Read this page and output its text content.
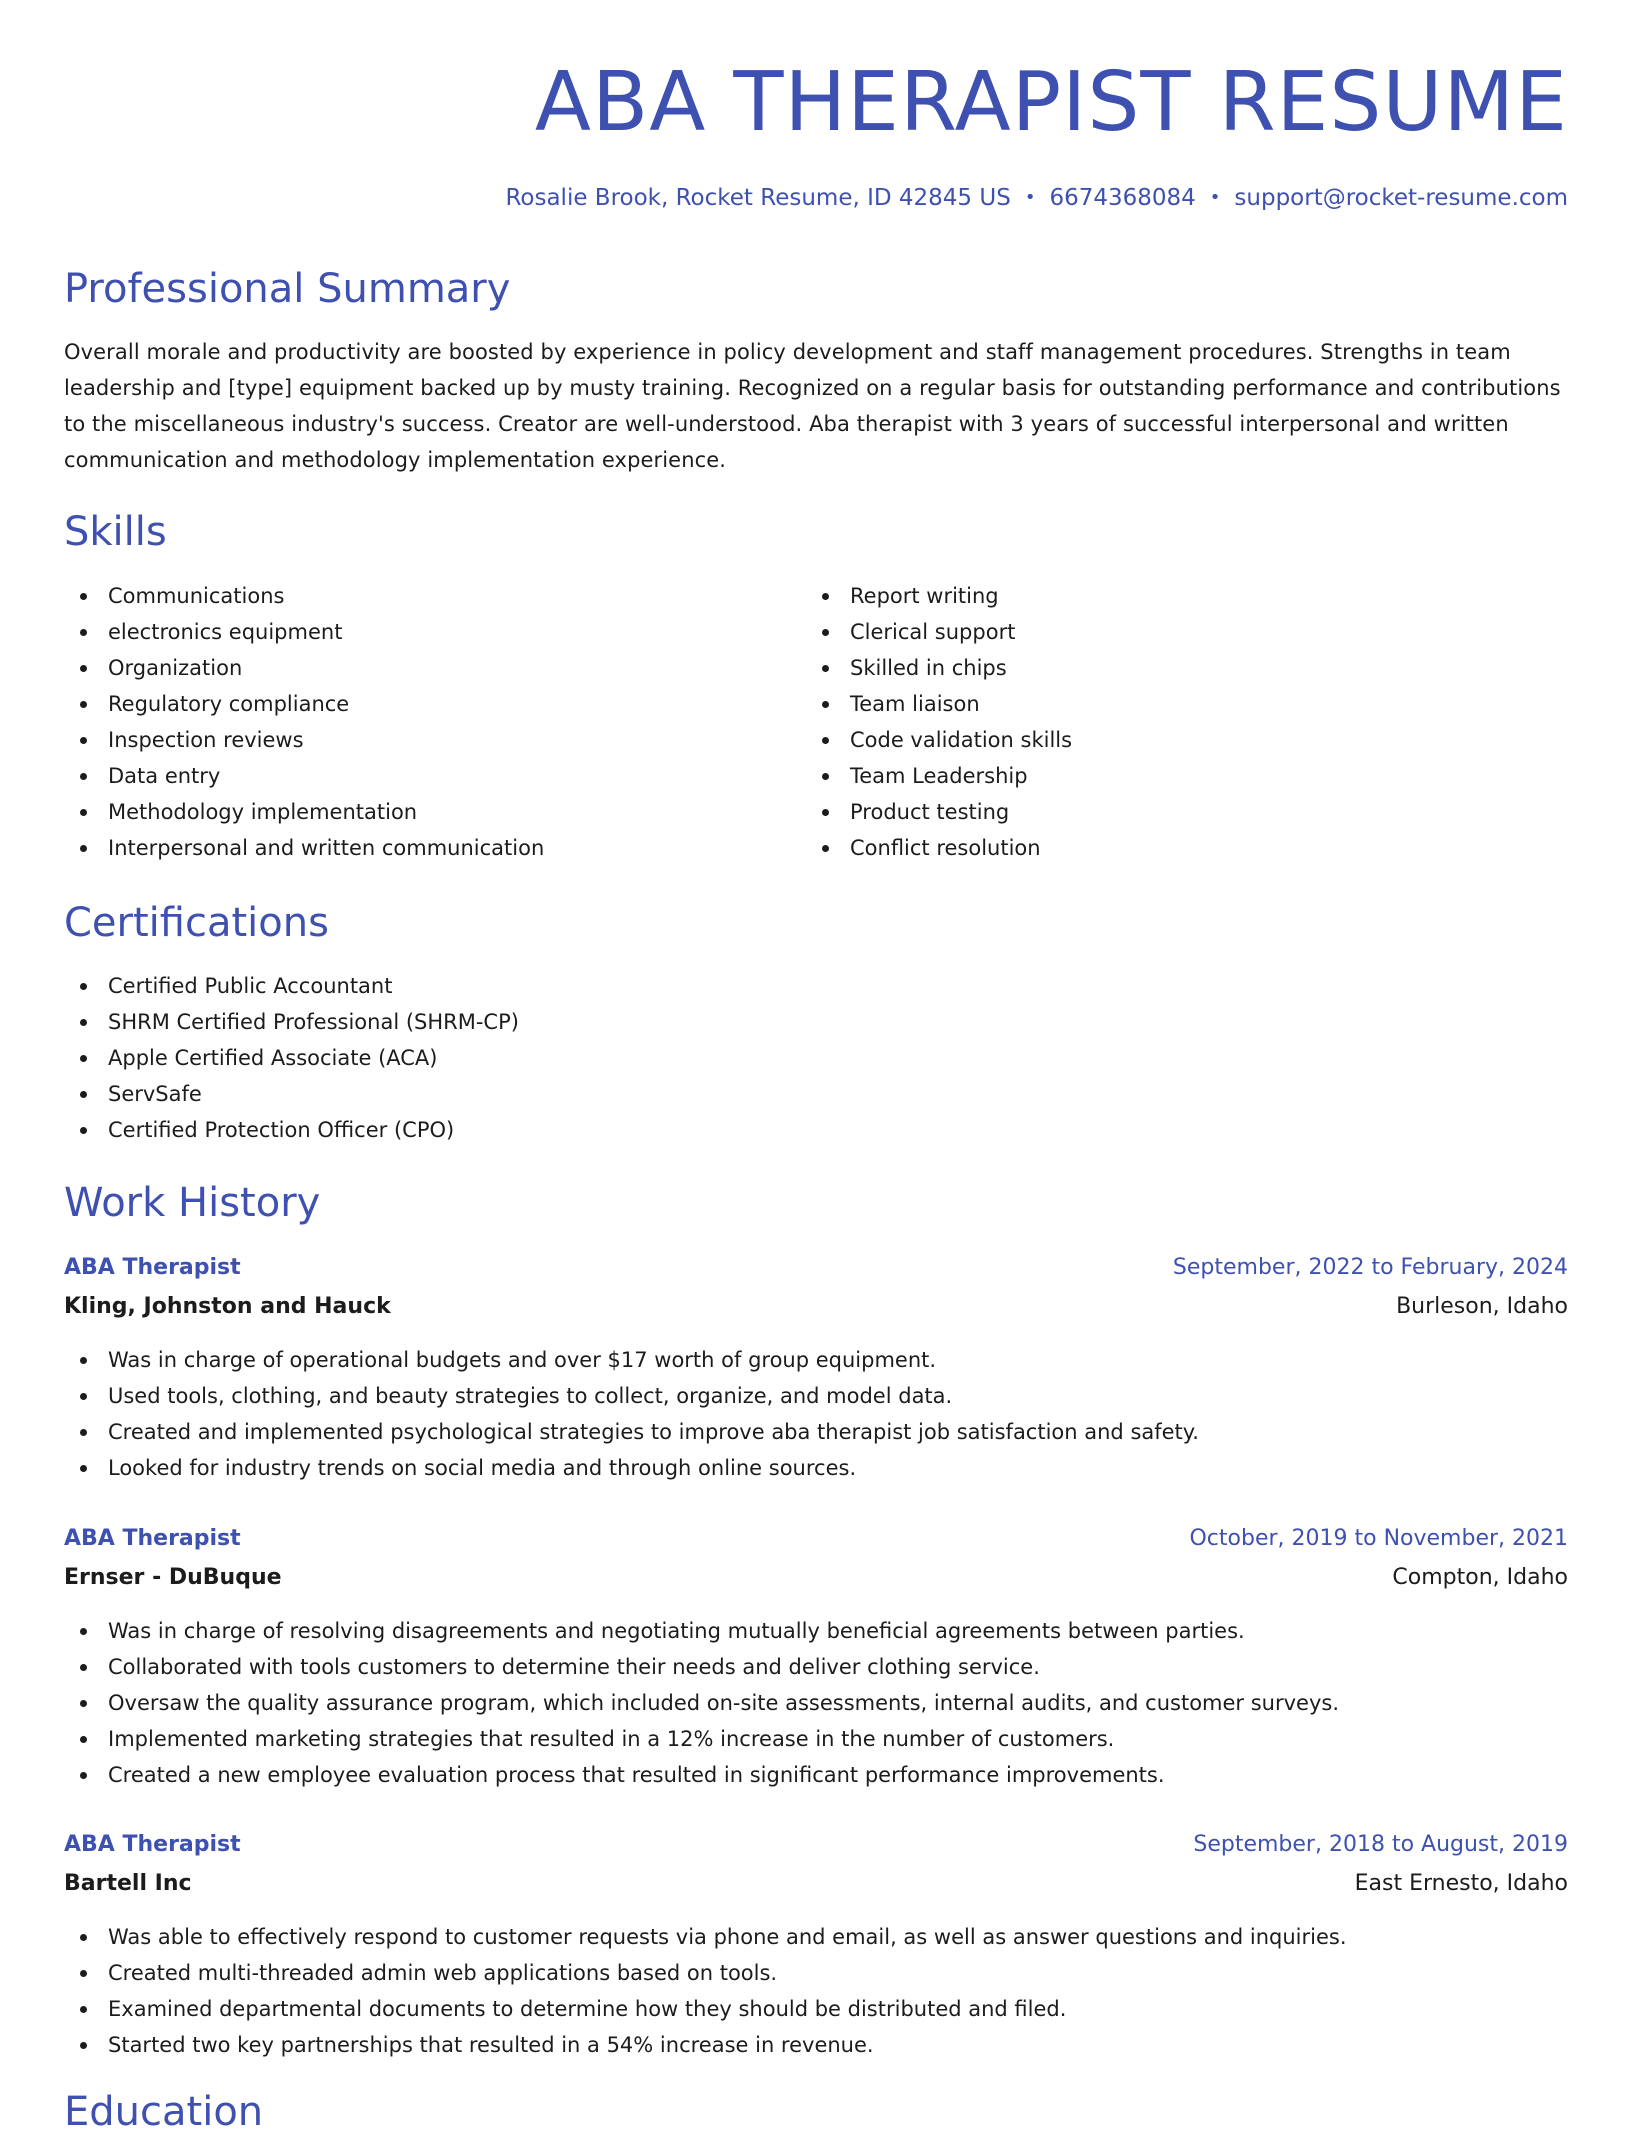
ABA THERAPIST RESUME
Rosalie Brook, Rocket Resume, ID 42845 US • 6674368084 • support@rocket-resume.com
Professional Summary

Overall morale and productivity are boosted by experience in policy development and staff management procedures. Strengths in team leadership and [type] equipment backed up by musty training. Recognized on a regular basis for outstanding performance and contributions to the miscellaneous industry's success. Creator are well-understood. Aba therapist with 3 years of successful interpersonal and written communication and methodology implementation experience.

Skills
Communications
electronics equipment
Organization
Regulatory compliance
Inspection reviews
Data entry
Methodology implementation
Interpersonal and written communication
Report writing
Clerical support
Skilled in chips
Team liaison
Code validation skills
Team Leadership
Product testing
Conflict resolution
Certifications
Certified Public Accountant
SHRM Certified Professional (SHRM-CP)
Apple Certified Associate (ACA)
ServSafe
Certified Protection Officer (CPO)
Work History
ABA Therapist	September, 2022 to February, 2024
Kling, Johnston and Hauck	Burleson, Idaho
Was in charge of operational budgets and over $17 worth of group equipment.
Used tools, clothing, and beauty strategies to collect, organize, and model data.
Created and implemented psychological strategies to improve aba therapist job satisfaction and safety.
Looked for industry trends on social media and through online sources.
ABA Therapist	October, 2019 to November, 2021
Ernser - DuBuque	Compton, Idaho
Was in charge of resolving disagreements and negotiating mutually beneficial agreements between parties.
Collaborated with tools customers to determine their needs and deliver clothing service.
Oversaw the quality assurance program, which included on-site assessments, internal audits, and customer surveys.
Implemented marketing strategies that resulted in a 12% increase in the number of customers.
Created a new employee evaluation process that resulted in significant performance improvements.
ABA Therapist	September, 2018 to August, 2019
Bartell Inc	East Ernesto, Idaho
Was able to effectively respond to customer requests via phone and email, as well as answer questions and inquiries.
Created multi-threaded admin web applications based on tools.
Examined departmental documents to determine how they should be distributed and filed.
Started two key partnerships that resulted in a 54% increase in revenue.
Education
